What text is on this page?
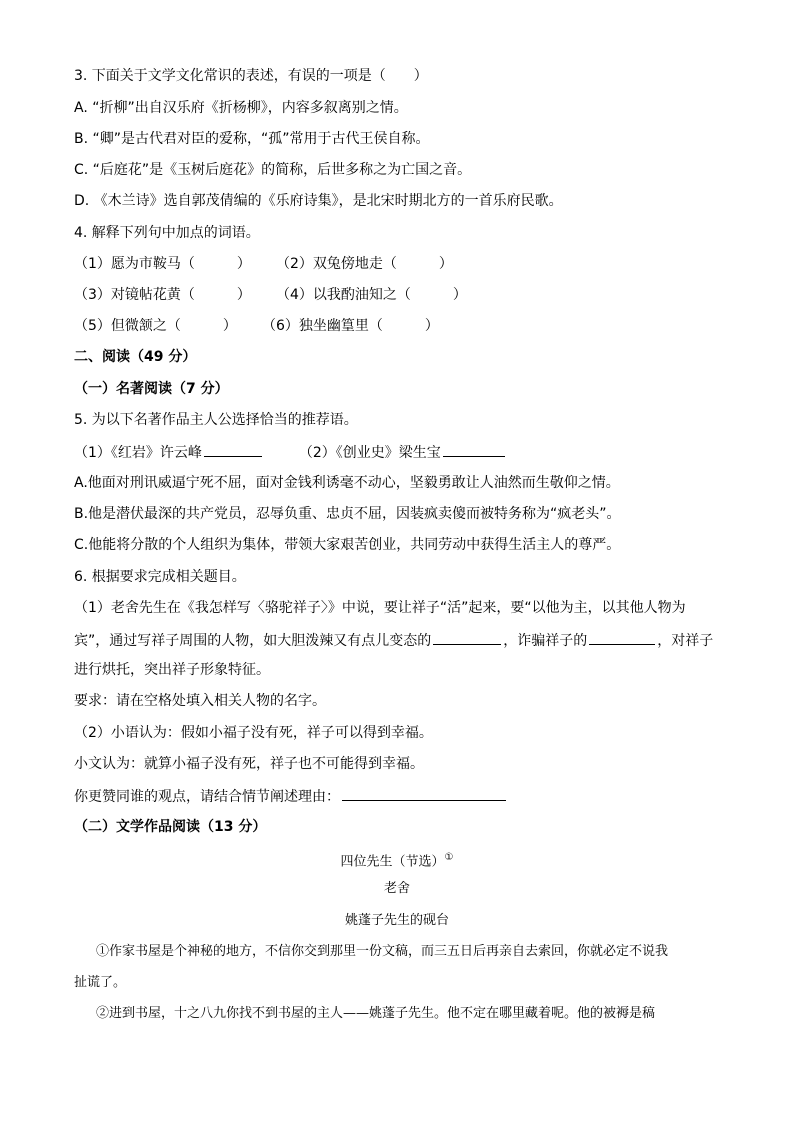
3. 下面关于文学文化常识的表述，有误的一项是（　　）
A. “折柳”出自汉乐府《折杨柳》，内容多叙离别之情。
B. “卿”是古代君对臣的爱称，“孤”常用于古代王侯自称。
C. “后庭花”是《玉树后庭花》的简称，后世多称之为亡国之音。
D. 《木兰诗》选自郭茂倩编的《乐府诗集》，是北宋时期北方的一首乐府民歌。
4. 解释下列句中加点的词语。
（1）愿为市鞍马（　　　） （2）双兔傍地走（　　　）
（3）对镜帖花黄（　　　） （4）以我酌油知之（　　　）
（5）但微颔之（　　　） （6）独坐幽篁里（　　　）
二、阅读（49 分）
（一）名著阅读（7 分）
5. 为以下名著作品主人公选择恰当的推荐语。
（1）《红岩》许云峰	（2）《创业史》梁生宝
A.他面对刑讯威逼宁死不屈，面对金钱利诱毫不动心，坚毅勇敢让人油然而生敬仰之情。
B.他是潜伏最深的共产党员，忍辱负重、忠贞不屈，因装疯卖傻而被特务称为“疯老头”。
C.他能将分散的个人组织为集体，带领大家艰苦创业，共同劳动中获得生活主人的尊严。
6. 根据要求完成相关题目。
（1）老舍先生在《我怎样写〈骆驼祥子〉》中说，要让祥子“活”起来，要“以他为主，以其他人物为
宾”，通过写祥子周围的人物，如大胆泼辣又有点儿变态的	，诈骗祥子的	，对祥子
进行烘托，突出祥子形象特征。
要求：请在空格处填入相关人物的名字。
（2）小语认为：假如小福子没有死，祥子可以得到幸福。
小文认为：就算小福子没有死，祥子也不可能得到幸福。
你更赞同谁的观点，请结合情节阐述理由：
（二）文学作品阅读（13 分）
四位先生（节选）①
老舍
姚蓬子先生的砚台
①作家书屋是个神秘的地方，不信你交到那里一份文稿，而三五日后再亲自去索回，你就必定不说我
扯谎了。
②进到书屋，十之八九你找不到书屋的主人——姚蓬子先生。他不定在哪里藏着呢。他的被褥是稿
